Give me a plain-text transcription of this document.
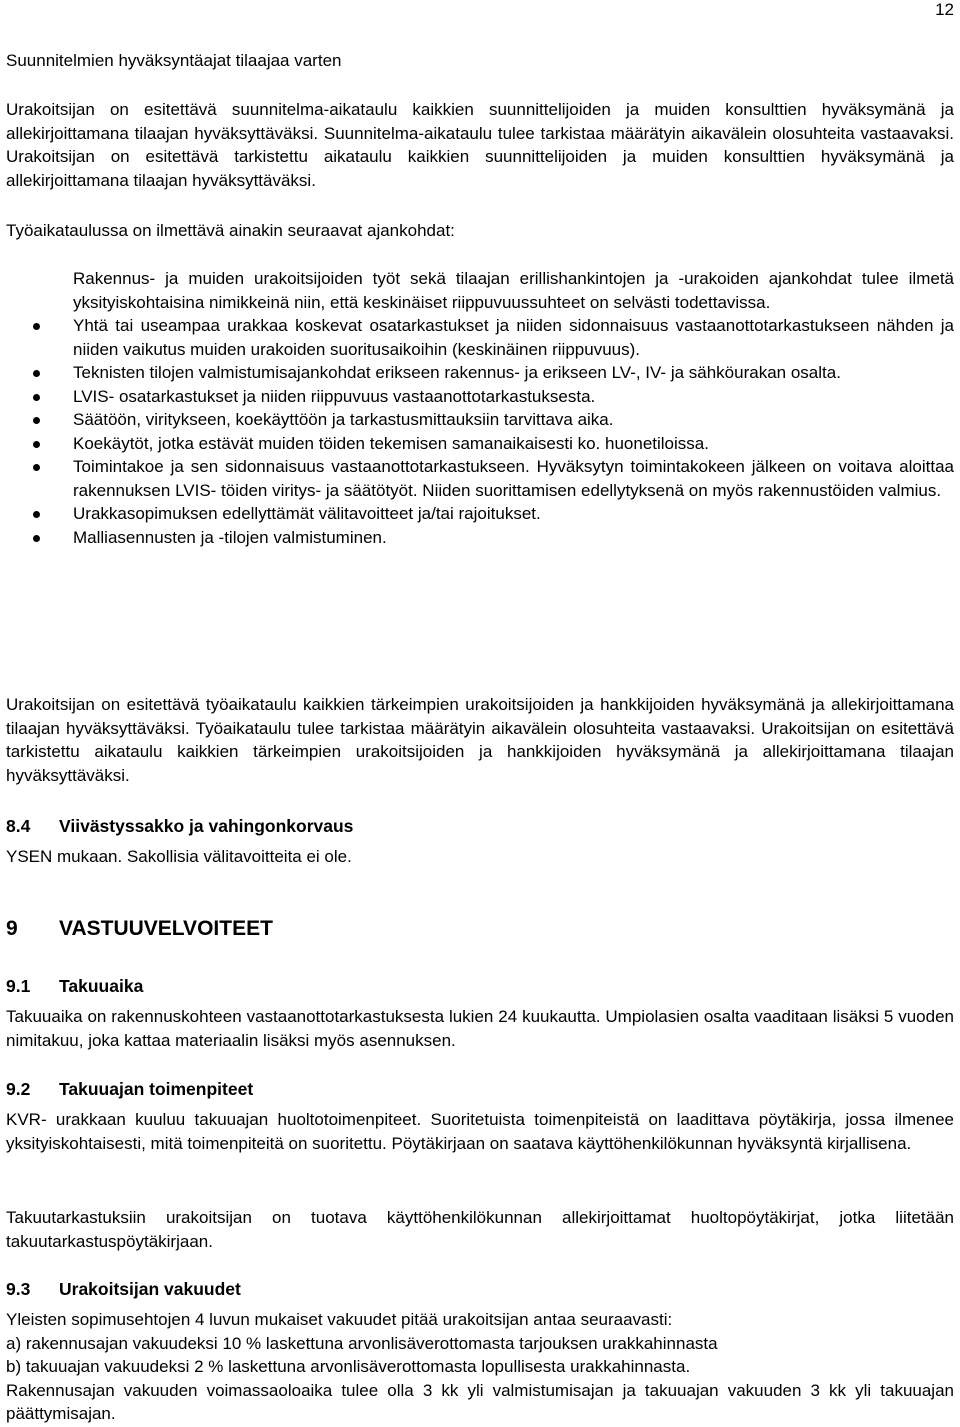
12
Suunnitelmien hyväksyntäajat tilaajaa varten

Urakoitsijan on esitettävä suunnitelma-aikataulu kaikkien suunnittelijoiden ja muiden konsulttien hyväksymänä ja allekirjoittamana tilaajan hyväksyttäväksi. Suunnitelma-aikataulu tulee tarkistaa määrätyin aikavälein olosuhteita vastaavaksi. Urakoitsijan on esitettävä tarkistettu aikataulu kaikkien suunnittelijoiden ja muiden konsulttien hyväksymänä ja allekirjoittamana tilaajan hyväksyttäväksi.

Työaikataulussa on ilmettävä ainakin seuraavat ajankohdat:

Rakennus- ja muiden urakoitsijoiden työt sekä tilaajan erillishankintojen ja -urakoiden ajankohdat tulee ilmetä yksityiskohtaisina nimikkeinä niin, että keskinäiset riippuvuussuhteet on selvästi todettavissa.
Yhtä tai useampaa urakkaa koskevat osatarkastukset ja niiden sidonnaisuus vastaanottotarkastukseen nähden ja niiden vaikutus muiden urakoiden suoritusaikoihin (keskinäinen riippuvuus).
Teknisten tilojen valmistumisajankohdat erikseen rakennus- ja erikseen LV-, IV- ja sähköurakan osalta.
LVIS- osatarkastukset ja niiden riippuvuus vastaanottotarkastuksesta.
Säätöön, viritykseen, koekäyttöön ja tarkastusmittauksiin tarvittava aika.
Koekäytöt, jotka estävät muiden töiden tekemisen samanaikaisesti ko. huonetiloissa.
Toimintakoe ja sen sidonnaisuus vastaanottotarkastukseen. Hyväksytyn toimintakokeen jälkeen on voitava aloittaa rakennuksen LVIS- töiden viritys- ja säätötyöt. Niiden suorittamisen edellytyksenä on myös rakennustöiden valmius.
Urakkasopimuksen edellyttämät välitavoitteet ja/tai rajoitukset.
Malliasennusten ja -tilojen valmistuminen.

Urakoitsijan on esitettävä työaikataulu kaikkien tärkeimpien urakoitsijoiden ja hankkijoiden hyväksymänä ja allekirjoittamana tilaajan hyväksyttäväksi. Työaikataulu tulee tarkistaa määrätyin aikavälein olosuhteita vastaavaksi. Urakoitsijan on esitettävä tarkistettu aikataulu kaikkien tärkeimpien urakoitsijoiden ja hankkijoiden hyväksymänä ja allekirjoittamana tilaajan hyväksyttäväksi.

8.4 Viivästyssakko ja vahingonkorvaus
YSEN mukaan. Sakollisia välitavoitteita ei ole.
9 VASTUUVELVOITEET
9.1 Takuuaika

Takuuaika on rakennuskohteen vastaanottotarkastuksesta lukien 24 kuukautta. Umpiolasien osalta vaaditaan lisäksi 5 vuoden nimitakuu, joka kattaa materiaalin lisäksi myös asennuksen.

9.2 Takuuajan toimenpiteet

KVR- urakkaan kuuluu takuuajan huoltotoimenpiteet. Suoritetuista toimenpiteistä on laadittava pöytäkirja, jossa ilmenee yksityiskohtaisesti, mitä toimenpiteitä on suoritettu. Pöytäkirjaan on saatava käyttöhenkilökunnan hyväksyntä kirjallisena.

Takuutarkastuksiin urakoitsijan on tuotava käyttöhenkilökunnan allekirjoittamat huoltopöytäkirjat, jotka liitetään takuutarkastuspöytäkirjaan.

9.3 Urakoitsijan vakuudet

Yleisten sopimusehtojen 4 luvun mukaiset vakuudet pitää urakoitsijan antaa seuraavasti:

a) rakennusajan vakuudeksi 10 % laskettuna arvonlisäverottomasta tarjouksen urakkahinnasta

b) takuuajan vakuudeksi 2 % laskettuna arvonlisäverottomasta lopullisesta urakkahinnasta.

Rakennusajan vakuuden voimassaoloaika tulee olla 3 kk yli valmistumisajan ja takuuajan vakuuden 3 kk yli takuuajan päättymisajan.
